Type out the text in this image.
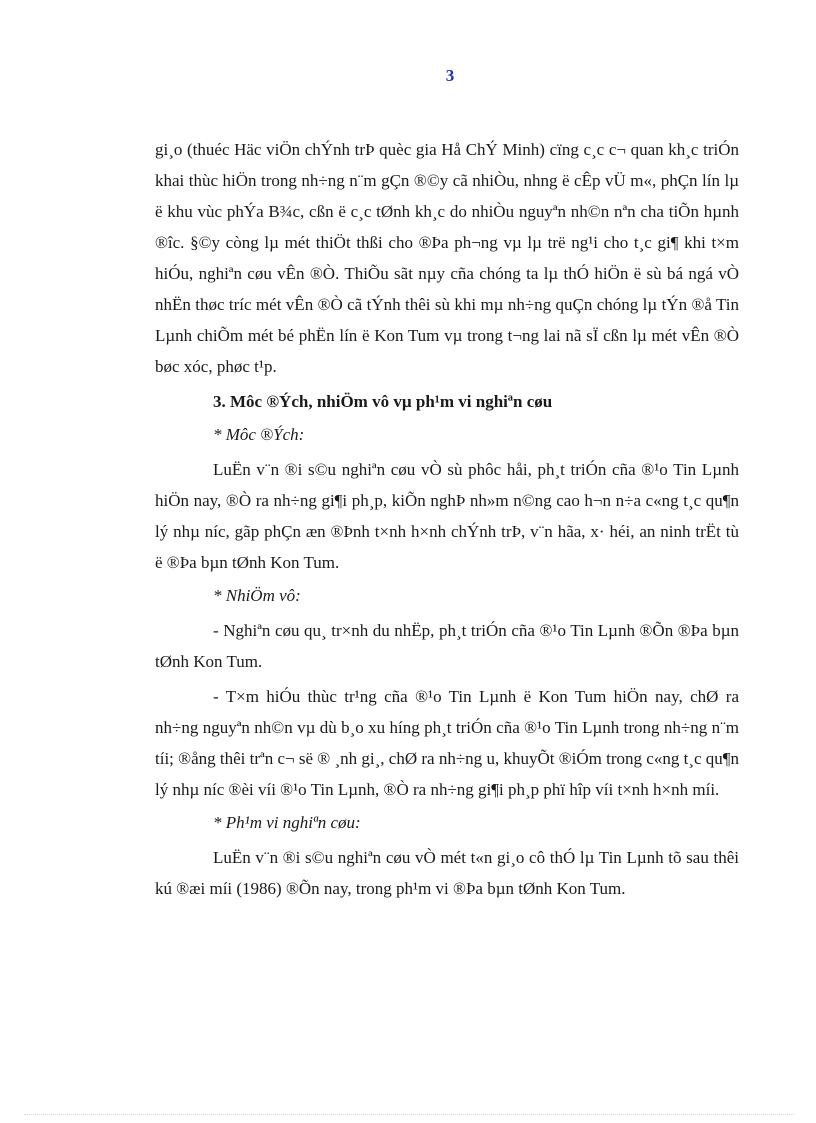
3

gi¸o (thuéc Häc viÖn chÝnh trÞ quèc gia Hå ChÝ Minh) cïng c¸c c¬ quan kh¸c triÓn khai thùc hiÖn trong nh÷ng n¨m gÇn ®©y cã nhiÒu, nhng ë cÊp vÜ m«, phÇn lín lµ ë khu vùc phÝa B¾c, cßn ë c¸c tØnh kh¸c do nhiÒu nguyªn nh©n nªn cha tiÕn hµnh ®îc. §©y còng lµ mét thiÖt thßi cho ®Þa ph¬ng vµ lµ trë ng¹i cho t¸c gi¶ khi t×m hiÓu, nghiªn cøu vÊn ®Ò. ThiÕu sãt nµy cña chóng ta lµ thÓ hiÖn ë sù bá ngá vÒ nhËn thøc tríc mét vÊn ®Ò cã tÝnh thêi sù khi mµ nh÷ng quÇn chóng lµ tÝn ®å Tin Lµnh chiÕm mét bé phËn lín ë Kon Tum vµ trong t¬ng lai nã sÏ cßn lµ mét vÊn ®Ò bøc xóc, phøc t¹p.

3. Môc ®Ých, nhiÖm vô vµ ph¹m vi nghiªn cøu

* Môc ®Ých:

LuËn v¨n ®i s©u nghiªn cøu vÒ sù phôc håi, ph¸t triÓn cña ®¹o Tin Lµnh hiÖn nay, ®Ò ra nh÷ng gi¶i ph¸p, kiÕn nghÞ nh»m n©ng cao h¬n n÷a c«ng t¸c qu¶n lý nhµ níc, gãp phÇn æn ®Þnh t×nh h×nh chÝnh trÞ, v¨n hãa, x· héi, an ninh trËt tù ë ®Þa bµn tØnh Kon Tum.

* NhiÖm vô:

- Nghiªn cøu qu¸ tr×nh du nhËp, ph¸t triÓn cña ®¹o Tin Lµnh ®Õn ®Þa bµn tØnh Kon Tum.

- T×m hiÓu thùc tr¹ng cña ®¹o Tin Lµnh ë Kon Tum hiÖn nay, chØ ra nh÷ng nguyªn nh©n vµ dù b¸o xu híng ph¸t triÓn cña ®¹o Tin Lµnh trong nh÷ng n¨m tíi; ®ång thêi trªn c¬ së ® ¸nh gi¸, chØ ra nh÷ng u, khuyÕt ®iÓm trong c«ng t¸c qu¶n lý nhµ níc ®èi víi ®¹o Tin Lµnh, ®Ò ra nh÷ng gi¶i ph¸p phï hîp víi t×nh h×nh míi.

* Ph¹m vi nghiªn cøu:

LuËn v¨n ®i s©u nghiªn cøu vÒ mét t«n gi¸o cô thÓ lµ Tin Lµnh tõ sau thêi kú ®æi míi (1986) ®Õn nay, trong ph¹m vi ®Þa bµn tØnh Kon Tum.
